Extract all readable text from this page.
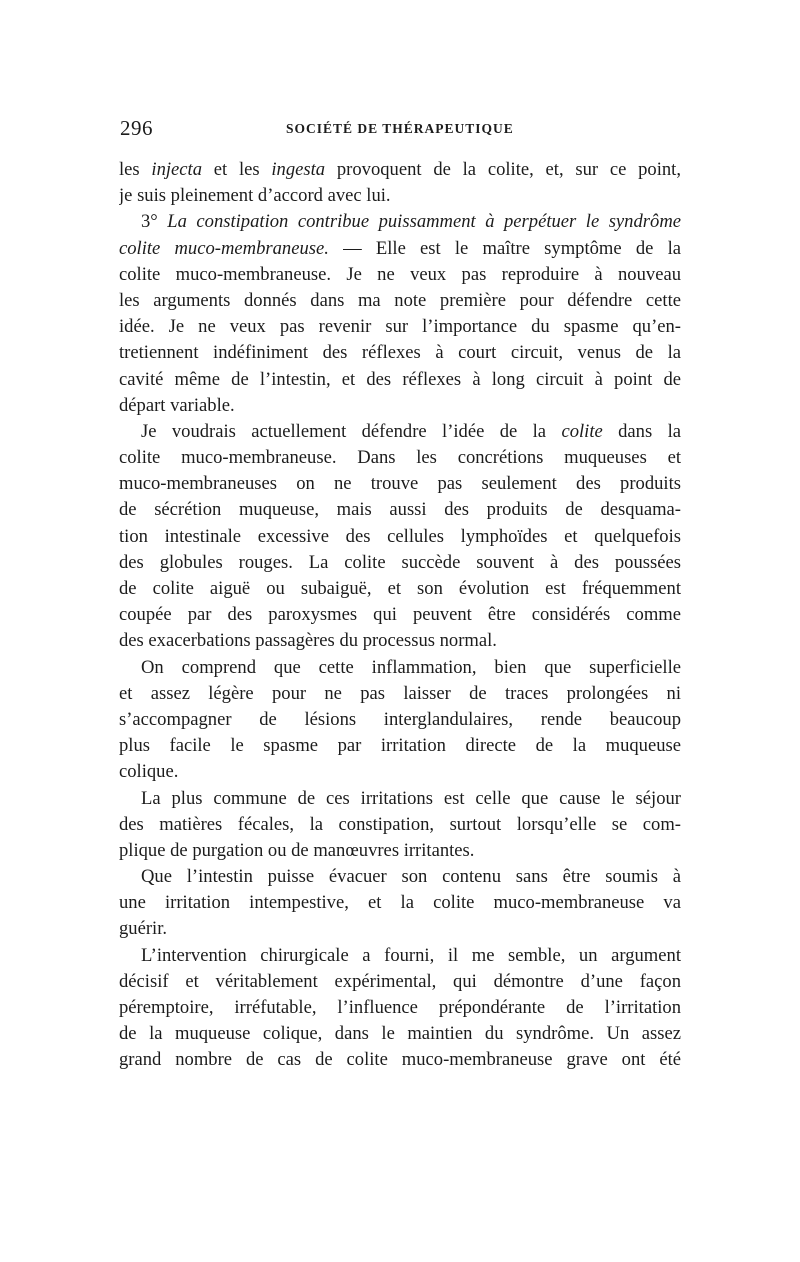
296	SOCIÉTÉ DE THÉRAPEUTIQUE
les injecta et les ingesta provoquent de la colite, et, sur ce point,
je suis pleinement d’accord avec lui.
3° La constipation contribue puissamment à perpétuer le syndrôme
colite muco-membraneuse. — Elle est le maître symptôme de la
colite muco-membraneuse. Je ne veux pas reproduire à nouveau
les arguments donnés dans ma note première pour défendre cette
idée. Je ne veux pas revenir sur l’importance du spasme qu’en-
tretiennent indéfiniment des réflexes à court circuit, venus de la
cavité même de l’intestin, et des réflexes à long circuit à point de
départ variable.
Je voudrais actuellement défendre l’idée de la colite dans la
colite muco-membraneuse. Dans les concrétions muqueuses et
muco-membraneuses on ne trouve pas seulement des produits
de sécrétion muqueuse, mais aussi des produits de desquama-
tion intestinale excessive des cellules lymphoïdes et quelquefois
des globules rouges. La colite succède souvent à des poussées
de colite aiguë ou subaiguë, et son évolution est fréquemment
coupée par des paroxysmes qui peuvent être considérés comme
des exacerbations passagères du processus normal.
On comprend que cette inflammation, bien que superficielle
et assez légère pour ne pas laisser de traces prolongées ni
s’accompagner de lésions interglandulaires, rende beaucoup
plus facile le spasme par irritation directe de la muqueuse
colique.
La plus commune de ces irritations est celle que cause le séjour
des matières fécales, la constipation, surtout lorsqu’elle se com-
plique de purgation ou de manœuvres irritantes.
Que l’intestin puisse évacuer son contenu sans être soumis à
une irritation intempestive, et la colite muco-membraneuse va
guérir.
L’intervention chirurgicale a fourni, il me semble, un argument
décisif et véritablement expérimental, qui démontre d’une façon
péremptoire, irréfutable, l’influence prépondérante de l’irritation
de la muqueuse colique, dans le maintien du syndrôme. Un assez
grand nombre de cas de colite muco-membraneuse grave ont été
